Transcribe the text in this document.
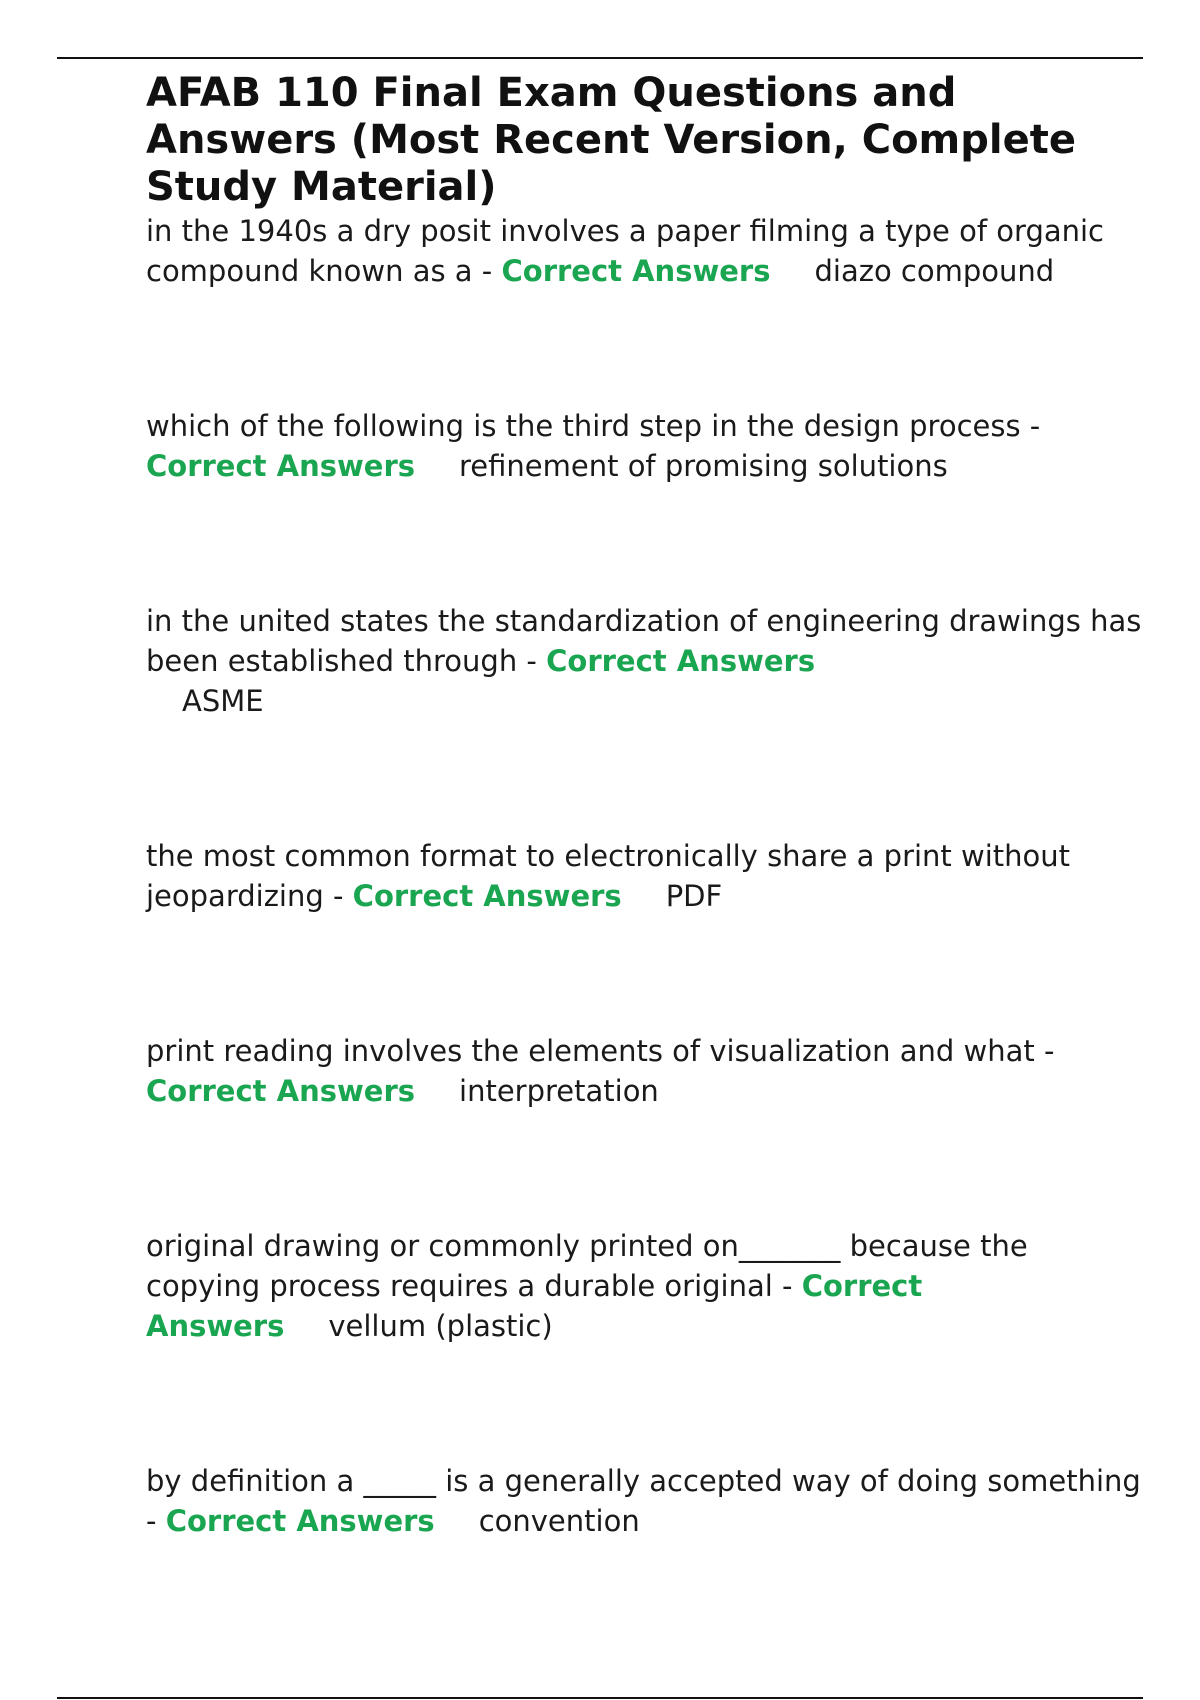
AFAB 110 Final Exam Questions and Answers (Most Recent Version, Complete Study Material)
in the 1940s a dry posit involves a paper filming a type of organic compound known as a - Correct Answers diazo compound
which of the following is the third step in the design process - Correct Answers refinement of promising solutions
in the united states the standardization of engineering drawings has been established through - Correct Answers
ASME
the most common format to electronically share a print without jeopardizing - Correct Answers PDF
print reading involves the elements of visualization and what - Correct Answers interpretation
original drawing or commonly printed on_______ because the copying process requires a durable original - Correct Answers vellum (plastic)
by definition a _____ is a generally accepted way of doing something - Correct Answers convention
